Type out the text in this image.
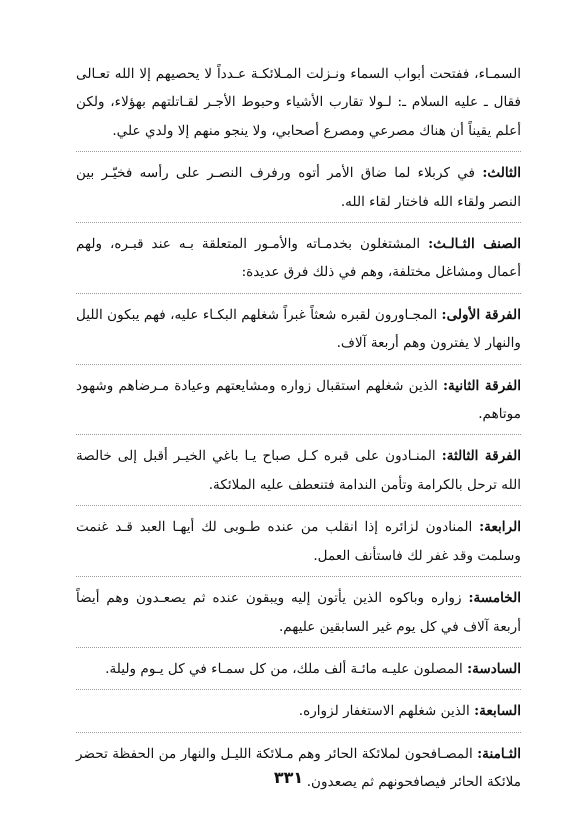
السمـاء، ففتحت أبواب السماء ونـزلت المـلائكـة عـدداً لا يحصيهم إلا الله تعـالى فقال ـ عليه السلام ـ: لـولا تقارب الأشياء وحبوط الأجـر لقـاتلتهم بهؤلاء، ولكن أعلم يقيناً أن هناك مصرعي ومصرع أصحابي، ولا ينجو منهم إلا ولدي علي.

الثالث: في كربلاء لما ضاق الأمر أتوه ورفرف النصـر على رأسه فخيّـر بين النصر ولقاء الله فاختار لقاء الله.

الصنف الثـالـث: المشتغلون بخدمـاته والأمـور المتعلقة بـه عند قبـره، ولهم أعمال ومشاغل مختلفة، وهم في ذلك فرق عديدة:

الفرقة الأولى: المجـاورون لقبره شعثاً غبراً شغلهم البكـاء عليه، فهم يبكون الليل والنهار لا يفترون وهم أربعة آلاف.

الفرقة الثانية: الذين شغلهم استقبال زواره ومشايعتهم وعيادة مـرضاهم وشهود موتاهم.

الفرقة الثالثة: المنـادون على قبره كـل صباح يـا باغي الخيـر أقبل إلى خالصة الله ترحل بالكرامة وتأمن الندامة فتنعطف عليه الملائكة.

الرابعة: المنادون لزائره إذا انقلب من عنده طـوبى لك أيهـا العبد قـد غنمت وسلمت وقد غفر لك فاستأنف العمل.

الخامسة: زواره وباكوه الذين يأتون إليه ويبقون عنده ثم يصعـدون وهم أيضاً أربعة آلاف في كل يوم غير السابقين عليهم.

السادسة: المصلون عليـه مائـة ألف ملك، من كل سمـاء في كل يـوم وليلة.

السابعة: الذين شغلهم الاستغفار لزواره.

الثـامنة: المصـافحون لملائكة الحائر وهم مـلائكة الليـل والنهار من الحفظة تحضر ملائكة الحائر فيصافحونهم ثم يصعدون.

٣٣١
